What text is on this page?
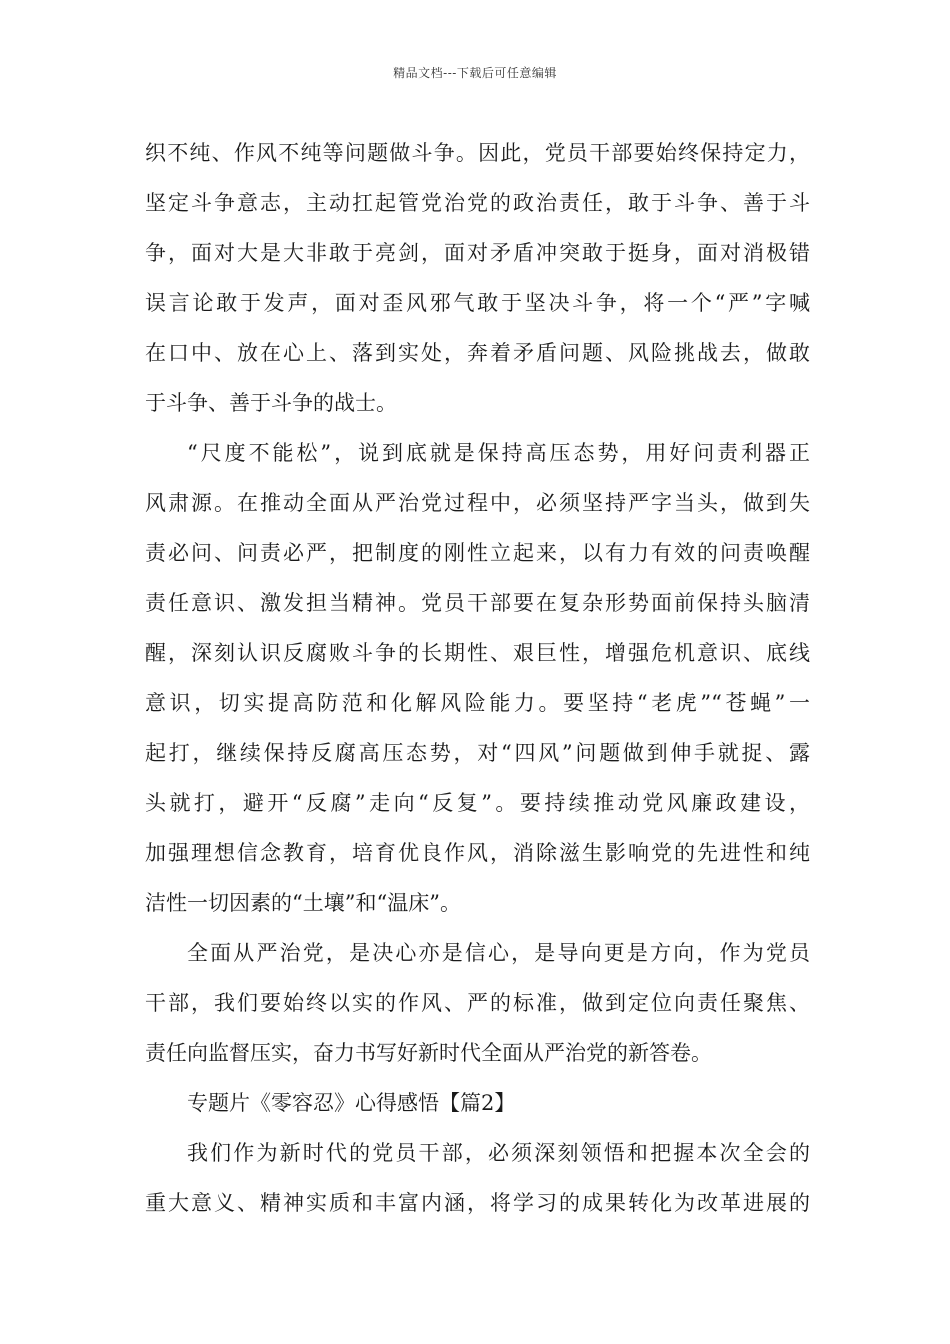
精品文档---下载后可任意编辑
织不纯、作风不纯等问题做斗争。因此，党员干部要始终保持定力，
坚定斗争意志，主动扛起管党治党的政治责任，敢于斗争、善于斗
争，面对大是大非敢于亮剑，面对矛盾冲突敢于挺身，面对消极错
误言论敢于发声，面对歪风邪气敢于坚决斗争，将一个“严”字喊
在口中、放在心上、落到实处，奔着矛盾问题、风险挑战去，做敢
于斗争、善于斗争的战士。
“尺度不能松”，说到底就是保持高压态势，用好问责利器正
风肃源。在推动全面从严治党过程中，必须坚持严字当头，做到失
责必问、问责必严，把制度的刚性立起来，以有力有效的问责唤醒
责任意识、激发担当精神。党员干部要在复杂形势面前保持头脑清
醒，深刻认识反腐败斗争的长期性、艰巨性，增强危机意识、底线
意识，切实提高防范和化解风险能力。要坚持“老虎”“苍蝇”一
起打，继续保持反腐高压态势，对“四风”问题做到伸手就捉、露
头就打，避开“反腐”走向“反复”。要持续推动党风廉政建设，
加强理想信念教育，培育优良作风，消除滋生影响党的先进性和纯
洁性一切因素的“土壤”和“温床”。
全面从严治党，是决心亦是信心，是导向更是方向，作为党员
干部，我们要始终以实的作风、严的标准，做到定位向责任聚焦、
责任向监督压实，奋力书写好新时代全面从严治党的新答卷。
专题片《零容忍》心得感悟【篇2】
我们作为新时代的党员干部，必须深刻领悟和把握本次全会的
重大意义、精神实质和丰富内涵，将学习的成果转化为改革进展的
